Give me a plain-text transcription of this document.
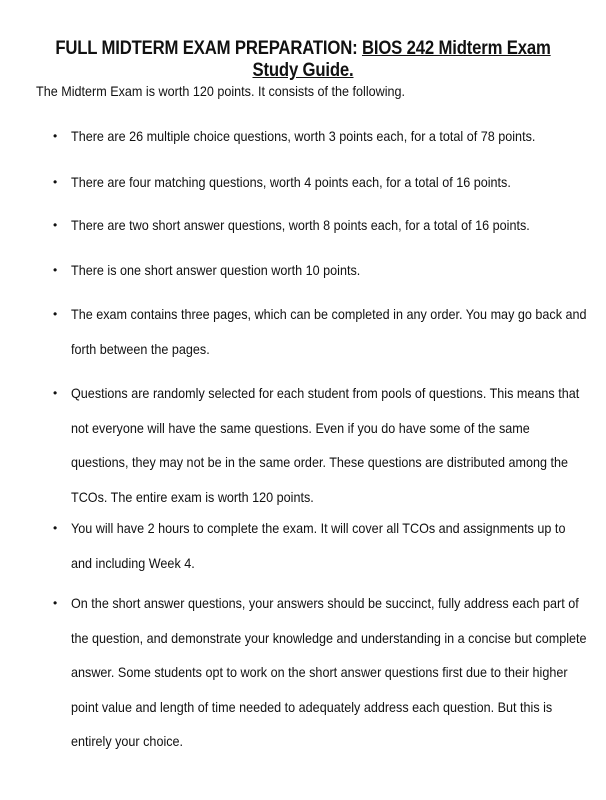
FULL MIDTERM EXAM PREPARATION: BIOS 242 Midterm Exam
Study Guide.
The Midterm Exam is worth 120 points. It consists of the following.
• There are 26 multiple choice questions, worth 3 points each, for a total of 78 points.
• There are four matching questions, worth 4 points each, for a total of 16 points.
• There are two short answer questions, worth 8 points each, for a total of 16 points.
• There is one short answer question worth 10 points.
• The exam contains three pages, which can be completed in any order. You may go back and
forth between the pages.
• Questions are randomly selected for each student from pools of questions. This means that
not everyone will have the same questions. Even if you do have some of the same
questions, they may not be in the same order. These questions are distributed among the
TCOs. The entire exam is worth 120 points.
• You will have 2 hours to complete the exam. It will cover all TCOs and assignments up to
and including Week 4.
• On the short answer questions, your answers should be succinct, fully address each part of
the question, and demonstrate your knowledge and understanding in a concise but complete
answer. Some students opt to work on the short answer questions first due to their higher
point value and length of time needed to adequately address each question. But this is
entirely your choice.
